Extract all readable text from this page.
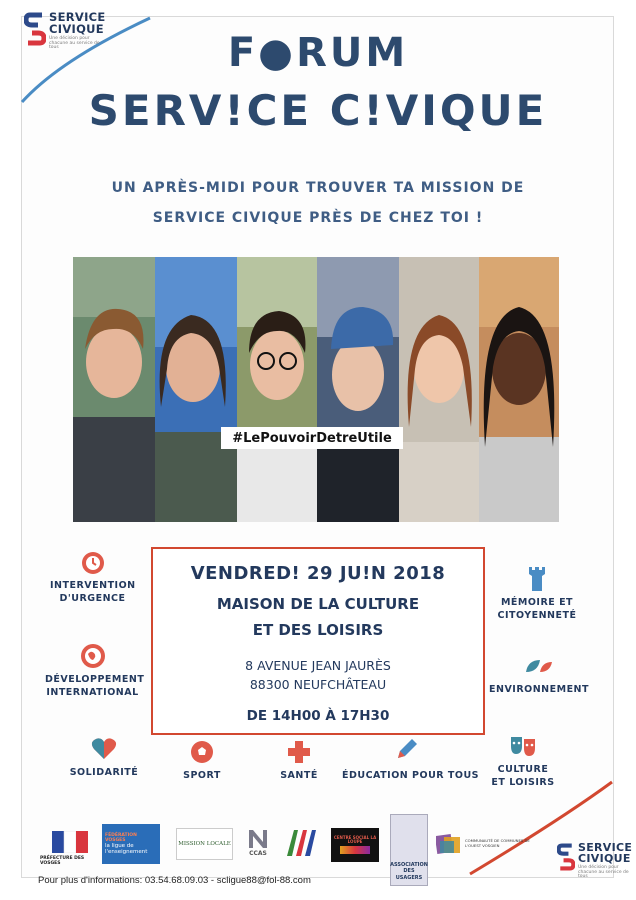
SERVICE
CIVIQUE
Une décision pour chacune au service de tous	F●RUM
SERV!CE C!VIQUE
UN APRÈS-MIDI POUR TROUVER TA MISSION DE
SERVICE CIVIQUE PRÈS DE CHEZ TOI !
#LePouvoirDetreUtile
VENDRED! 29 JU!N 2018
MAISON DE LA CULTURE
ET DES LOISIRS
8 AVENUE JEAN JAURÈS
88300 NEUFCHÂTEAU
DE 14H00 À 17H30
INTERVENTION
D'URGENCE
DÉVELOPPEMENT
INTERNATIONAL
SOLIDARITÉ	SPORT	SANTÉ	ÉDUCATION POUR TOUS
CULTURE
ET LOISIRS
ENVIRONNEMENT
MÉMOIRE ET
CITOYENNETÉ
PRÉFECTURE DES VOSGES
FÉDÉRATION VOSGES
la ligue de l'enseignement
MISSION LOCALE
CCAS
CENTRE SOCIAL LA LOUPE
ASSOCIATION
DES
USAGERS
COMMUNAUTÉ DE COMMUNES DE L'OUEST VOSGIEN	SERVICE
CIVIQUE
Une décision pour chacune au service de tous
Pour plus d'informations: 03.54.68.09.03 - scligue88@fol-88.com
